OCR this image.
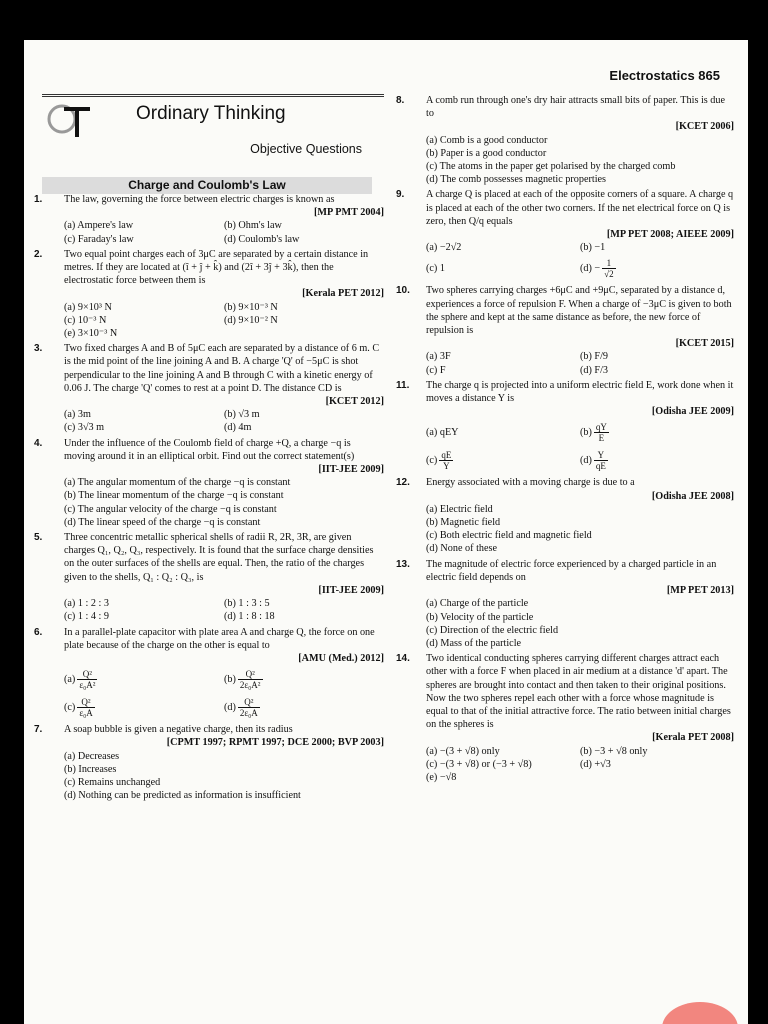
Electrostatics 865
Ordinary Thinking
Objective Questions
Charge and Coulomb's Law
1. The law, governing the force between electric charges is known as
[MP PMT 2004]
(a) Ampere's law	(b) Ohm's law
(c) Faraday's law	(d) Coulomb's law
2. Two equal point charges each of 3μC are separated by a certain distance in metres. If they are located at (î + ĵ + k̂) and (2î + 3ĵ + 3k̂), then the electrostatic force between them is
[Kerala PET 2012]
(a) 9×10³ N	(b) 9×10⁻³ N
(c) 10⁻³ N	(d) 9×10⁻² N
(e) 3×10⁻³ N
3. Two fixed charges A and B of 5μC each are separated by a distance of 6 m. C is the mid point of the line joining A and B. A charge 'Q' of −5μC is shot perpendicular to the line joining A and B through C with a kinetic energy of 0.06 J. The charge 'Q' comes to rest at a point D. The distance CD is
[KCET 2012]
(a) 3m	(b) √3 m
(c) 3√3 m	(d) 4m
4. Under the influence of the Coulomb field of charge +Q, a charge −q is moving around it in an elliptical orbit. Find out the correct statement(s)
[IIT-JEE 2009]
(a) The angular momentum of the charge −q is constant
(b) The linear momentum of the charge −q is constant
(c) The angular velocity of the charge −q is constant
(d) The linear speed of the charge −q is constant
5. Three concentric metallic spherical shells of radii R, 2R, 3R, are given charges Q₁, Q₂, Q₃, respectively. It is found that the surface charge densities on the outer surfaces of the shells are equal. Then, the ratio of the charges given to the shells, Q₁ : Q₂ : Q₃, is
[IIT-JEE 2009]
(a) 1 : 2 : 3	(b) 1 : 3 : 5
(c) 1 : 4 : 9	(d) 1 : 8 : 18
6. In a parallel-plate capacitor with plate area A and charge Q, the force on one plate because of the charge on the other is equal to
[AMU (Med.) 2012]
$(a) \frac{\text{Q²}}{\text{ε₀A²}}$	$(b) \frac{\text{Q²}}{\text{2ε₀A²}}$
$(c) \frac{\text{Q²}}{\text{ε₀A}}$	$(d) \frac{\text{Q²}}{\text{2ε₀A}}$
7. A soap bubble is given a negative charge, then its radius
[CPMT 1997; RPMT 1997; DCE 2000; BVP 2003]
(a) Decreases
(b) Increases
(c) Remains unchanged
(d) Nothing can be predicted as information is insufficient
8. A comb run through one's dry hair attracts small bits of paper. This is due to
[KCET 2006]
(a) Comb is a good conductor
(b) Paper is a good conductor
(c) The atoms in the paper get polarised by the charged comb
(d) The comb possesses magnetic properties
9. A charge Q is placed at each of the opposite corners of a square. A charge q is placed at each of the other two corners. If the net electrical force on Q is zero, then Q/q equals
[MP PET 2008; AIEEE 2009]
(a) −2√2	(b) −1
(c) 1	$(d) - \frac{1}{√2}$
10. Two spheres carrying charges +6μC and +9μC, separated by a distance d, experiences a force of repulsion F. When a charge of −3μC is given to both the sphere and kept at the same distance as before, the new force of repulsion is
[KCET 2015]
(a) 3F	(b) F/9
(c) F	(d) F/3
11. The charge q is projected into a uniform electric field E, work done when it moves a distance Y is
[Odisha JEE 2009]
(a) qEY	$(b) \frac{qY}{E}$
$(c) \frac{qE}{Y}$	$(d) \frac{Y}{qE}$
12. Energy associated with a moving charge is due to a
[Odisha JEE 2008]
(a) Electric field
(b) Magnetic field
(c) Both electric field and magnetic field
(d) None of these
13. The magnitude of electric force experienced by a charged particle in an electric field depends on
[MP PET 2013]
(a) Charge of the particle
(b) Velocity of the particle
(c) Direction of the electric field
(d) Mass of the particle
14. Two identical conducting spheres carrying different charges attract each other with a force F when placed in air medium at a distance 'd' apart. The spheres are brought into contact and then taken to their original positions. Now the two spheres repel each other with a force whose magnitude is equal to that of the initial attractive force. The ratio between initial charges on the spheres is
[Kerala PET 2008]
(a) −(3 + √8) only	(b) −3 + √8 only
(c) −(3 + √8) or (−3 + √8)	(d) +√3
(e) −√8
